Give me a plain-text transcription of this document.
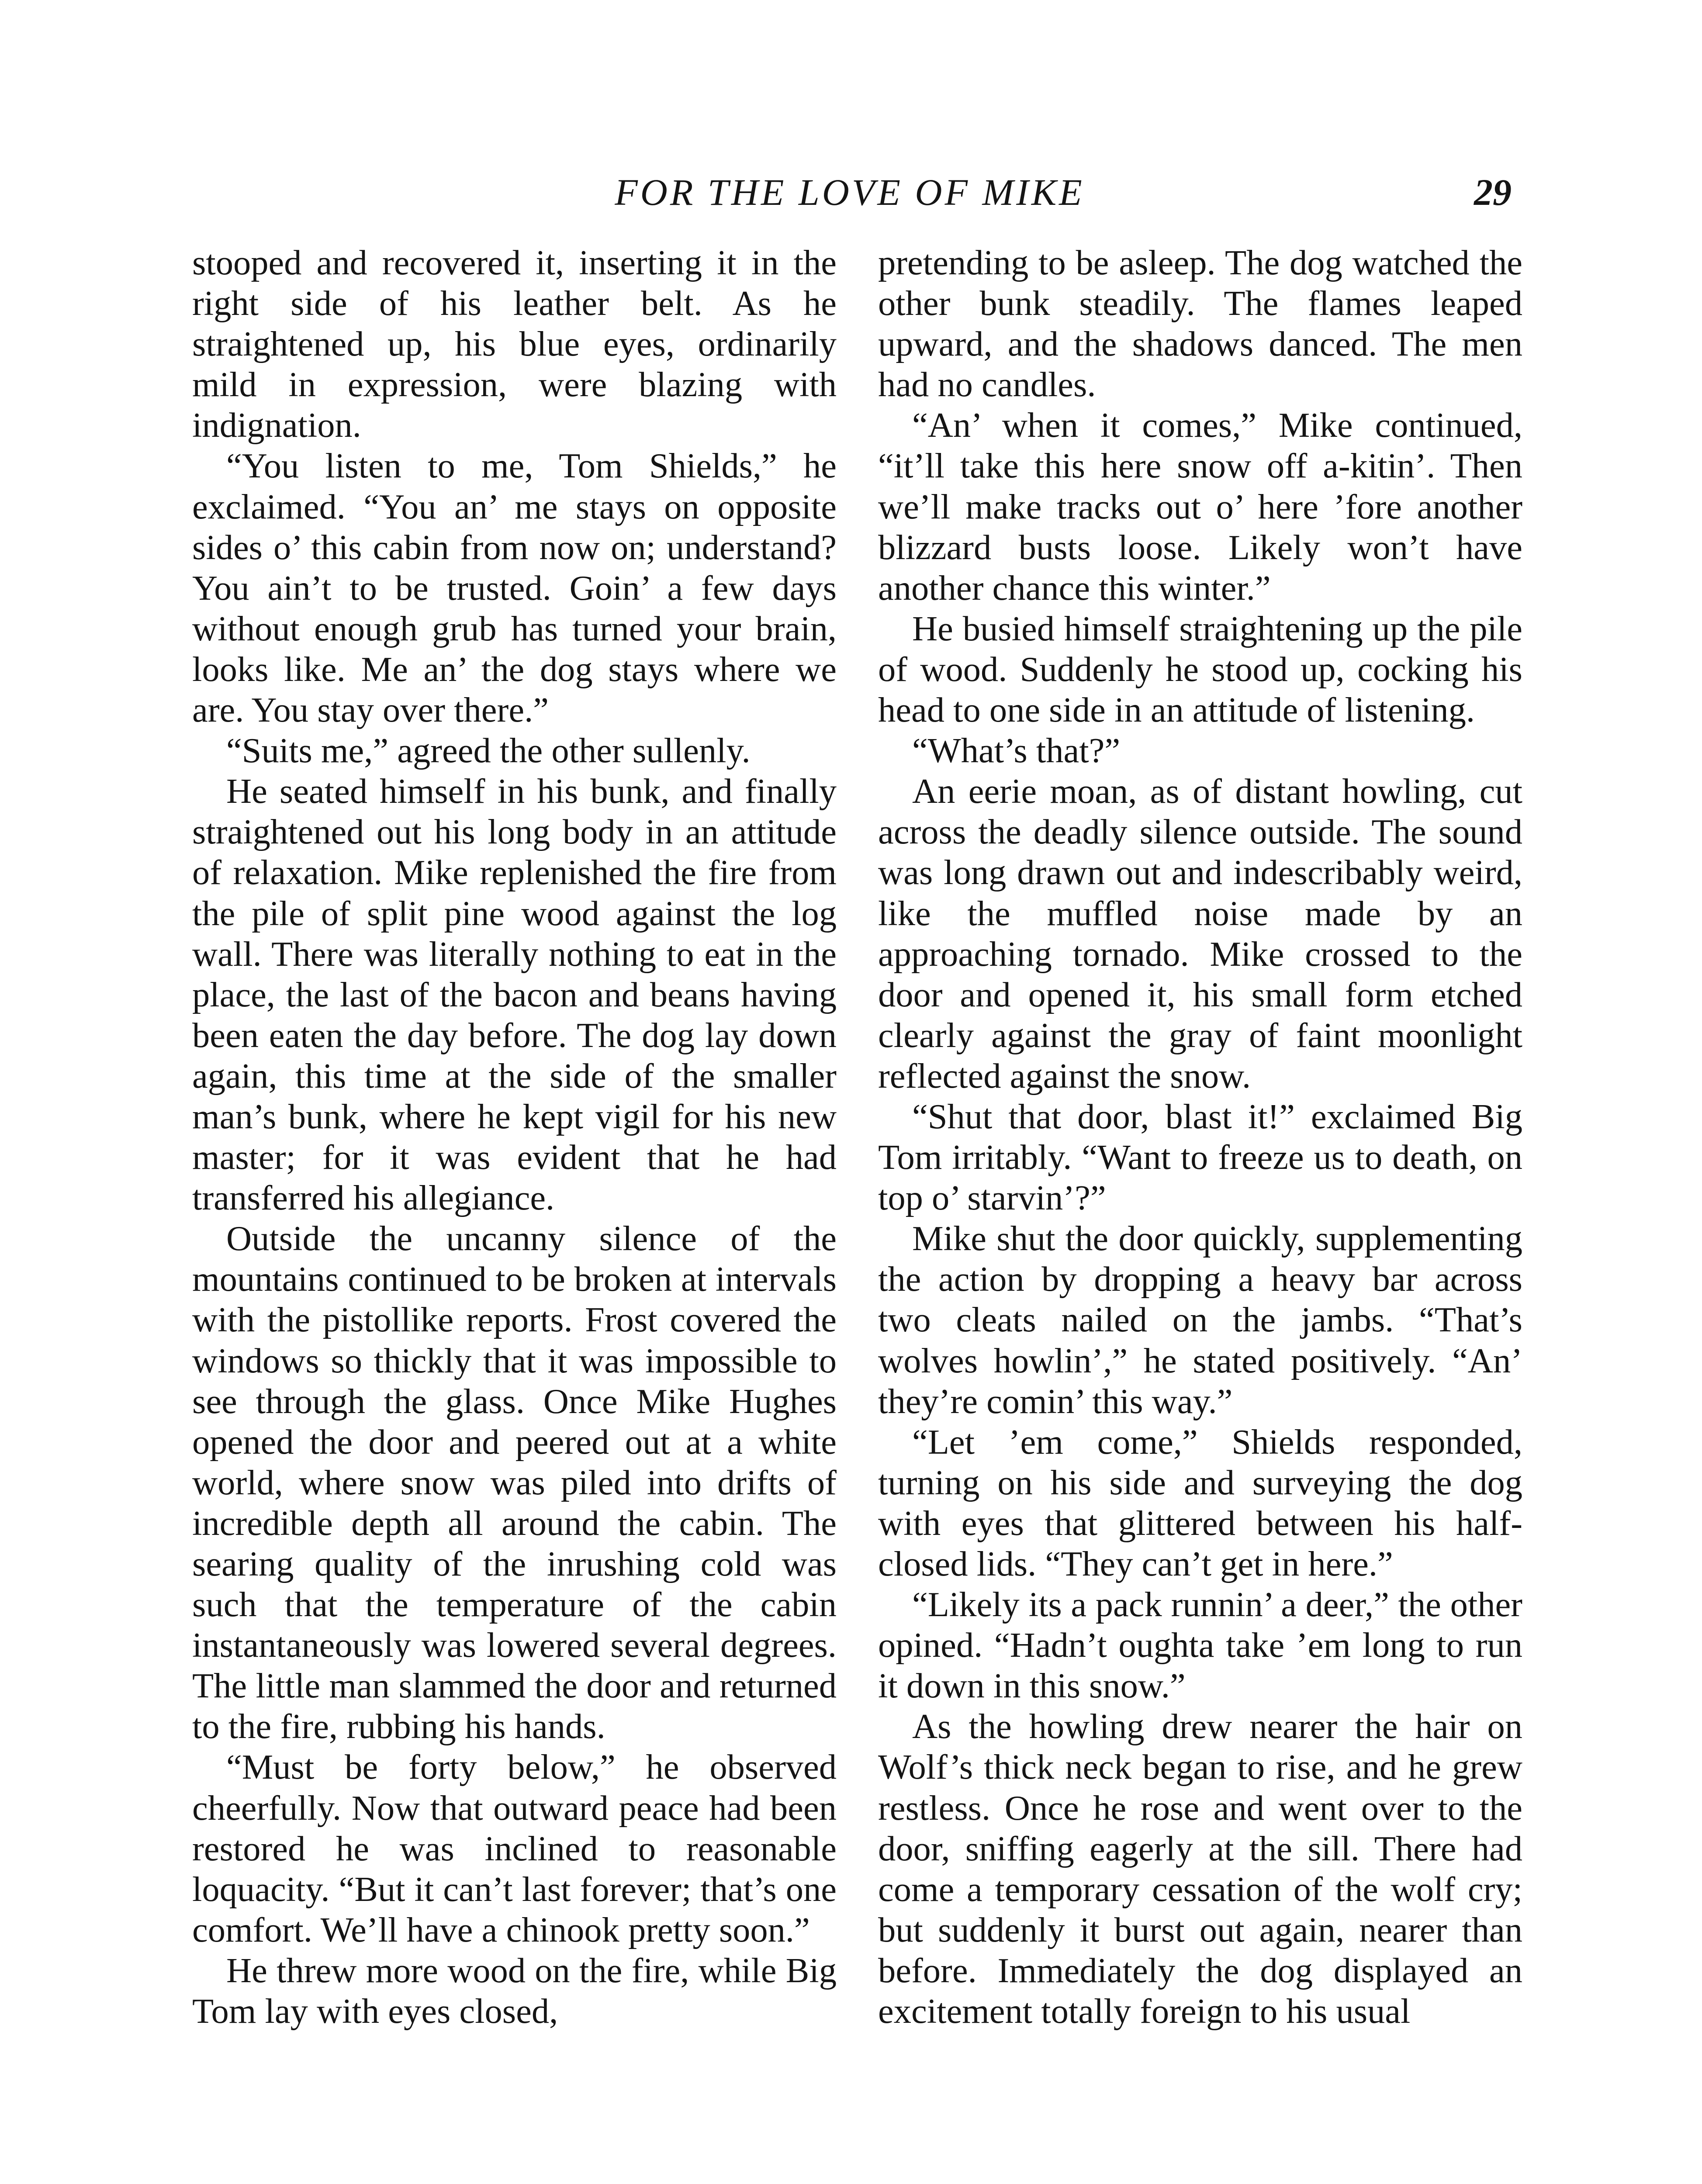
FOR THE LOVE OF MIKE	29

stooped and recovered it, inserting it in the right side of his leather belt. As he straightened up, his blue eyes, ordinarily mild in expression, were blazing with indignation.

“You listen to me, Tom Shields,” he exclaimed. “You an’ me stays on opposite sides o’ this cabin from now on; understand? You ain’t to be trusted. Goin’ a few days without enough grub has turned your brain, looks like. Me an’ the dog stays where we are. You stay over there.”

“Suits me,” agreed the other sullenly.

He seated himself in his bunk, and finally straightened out his long body in an attitude of relaxation. Mike replenished the fire from the pile of split pine wood against the log wall. There was literally nothing to eat in the place, the last of the bacon and beans having been eaten the day before. The dog lay down again, this time at the side of the smaller man’s bunk, where he kept vigil for his new master; for it was evident that he had transferred his allegiance.

Outside the uncanny silence of the mountains continued to be broken at intervals with the pistollike reports. Frost covered the windows so thickly that it was impossible to see through the glass. Once Mike Hughes opened the door and peered out at a white world, where snow was piled into drifts of incredible depth all around the cabin. The searing quality of the inrushing cold was such that the temperature of the cabin instantaneously was lowered several degrees. The little man slammed the door and returned to the fire, rubbing his hands.

“Must be forty below,” he observed cheerfully. Now that outward peace had been restored he was inclined to reasonable loquacity. “But it can’t last forever; that’s one comfort. We’ll have a chinook pretty soon.”

He threw more wood on the fire, while Big Tom lay with eyes closed,

pretending to be asleep. The dog watched the other bunk steadily. The flames leaped upward, and the shadows danced. The men had no candles.

“An’ when it comes,” Mike continued, “it’ll take this here snow off a-kitin’. Then we’ll make tracks out o’ here ’fore another blizzard busts loose. Likely won’t have another chance this winter.”

He busied himself straightening up the pile of wood. Suddenly he stood up, cocking his head to one side in an attitude of listening.

“What’s that?”

An eerie moan, as of distant howling, cut across the deadly silence outside. The sound was long drawn out and indescribably weird, like the muffled noise made by an approaching tornado. Mike crossed to the door and opened it, his small form etched clearly against the gray of faint moonlight reflected against the snow.

“Shut that door, blast it!” exclaimed Big Tom irritably. “Want to freeze us to death, on top o’ starvin’?”

Mike shut the door quickly, supplementing the action by dropping a heavy bar across two cleats nailed on the jambs. “That’s wolves howlin’,” he stated positively. “An’ they’re comin’ this way.”

“Let ’em come,” Shields responded, turning on his side and surveying the dog with eyes that glittered between his half-closed lids. “They can’t get in here.”

“Likely its a pack runnin’ a deer,” the other opined. “Hadn’t oughta take ’em long to run it down in this snow.”

As the howling drew nearer the hair on Wolf’s thick neck began to rise, and he grew restless. Once he rose and went over to the door, sniffing eagerly at the sill. There had come a temporary cessation of the wolf cry; but suddenly it burst out again, nearer than before. Immediately the dog displayed an excitement totally foreign to his usual
